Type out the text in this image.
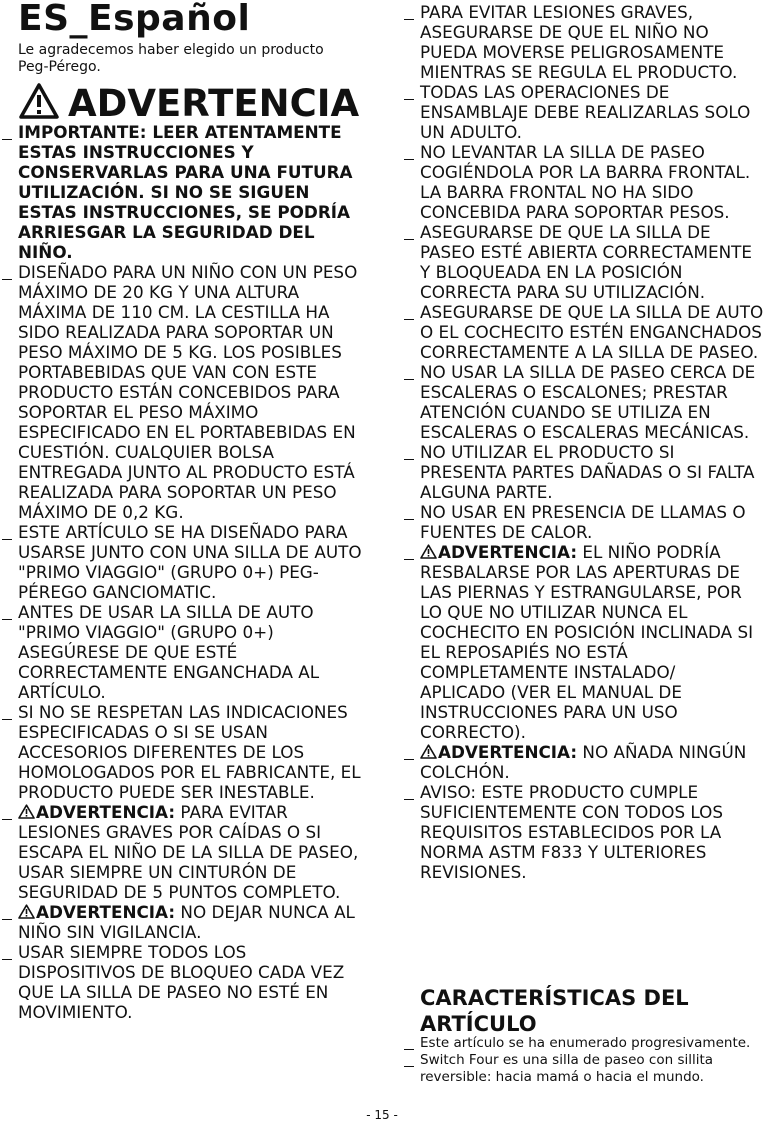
ES_Español
Le agradecemos haber elegido un producto Peg-Pérego.
ADVERTENCIA
IMPORTANTE: LEER ATENTAMENTE ESTAS INSTRUCCIONES Y CONSERVARLAS PARA UNA FUTURA UTILIZACIÓN. SI NO SE SIGUEN ESTAS INSTRUCCIONES, SE PODRÍA ARRIESGAR LA SEGURIDAD DEL NIÑO.
DISEÑADO PARA UN NIÑO CON UN PESO MÁXIMO DE 20 KG Y UNA ALTURA MÁXIMA DE 110 CM. LA CESTILLA HA SIDO REALIZADA PARA SOPORTAR UN PESO MÁXIMO DE 5 KG. LOS POSIBLES PORTABEBIDAS QUE VAN CON ESTE PRODUCTO ESTÁN CONCEBIDOS PARA SOPORTAR EL PESO MÁXIMO ESPECIFICADO EN EL PORTABEBIDAS EN CUESTIÓN. CUALQUIER BOLSA ENTREGADA JUNTO AL PRODUCTO ESTÁ REALIZADA PARA SOPORTAR UN PESO MÁXIMO DE 0,2 KG.
ESTE ARTÍCULO SE HA DISEÑADO PARA USARSE JUNTO CON UNA SILLA DE AUTO "PRIMO VIAGGIO" (GRUPO 0+) PEG-PÉREGO GANCIOMATIC.
ANTES DE USAR LA SILLA DE AUTO "PRIMO VIAGGIO" (GRUPO 0+) ASEGÚRESE DE QUE ESTÉ CORRECTAMENTE ENGANCHADA AL ARTÍCULO.
SI NO SE RESPETAN LAS INDICACIONES ESPECIFICADAS O SI SE USAN ACCESORIOS DIFERENTES DE LOS HOMOLOGADOS POR EL FABRICANTE, EL PRODUCTO PUEDE SER INESTABLE.
ADVERTENCIA: PARA EVITAR LESIONES GRAVES POR CAÍDAS O SI ESCAPA EL NIÑO DE LA SILLA DE PASEO, USAR SIEMPRE UN CINTURÓN DE SEGURIDAD DE 5 PUNTOS COMPLETO.
ADVERTENCIA: NO DEJAR NUNCA AL NIÑO SIN VIGILANCIA.
USAR SIEMPRE TODOS LOS DISPOSITIVOS DE BLOQUEO CADA VEZ QUE LA SILLA DE PASEO NO ESTÉ EN MOVIMIENTO.
PARA EVITAR LESIONES GRAVES, ASEGURARSE DE QUE EL NIÑO NO PUEDA MOVERSE PELIGROSAMENTE MIENTRAS SE REGULA EL PRODUCTO.
TODAS LAS OPERACIONES DE ENSAMBLAJE DEBE REALIZARLAS SOLO UN ADULTO.
NO LEVANTAR LA SILLA DE PASEO COGIÉNDOLA POR LA BARRA FRONTAL. LA BARRA FRONTAL NO HA SIDO CONCEBIDA PARA SOPORTAR PESOS.
ASEGURARSE DE QUE LA SILLA DE PASEO ESTÉ ABIERTA CORRECTAMENTE Y BLOQUEADA EN LA POSICIÓN CORRECTA PARA SU UTILIZACIÓN.
ASEGURARSE DE QUE LA SILLA DE AUTO O EL COCHECITO ESTÉN ENGANCHADOS CORRECTAMENTE A LA SILLA DE PASEO.
NO USAR LA SILLA DE PASEO CERCA DE ESCALERAS O ESCALONES; PRESTAR ATENCIÓN CUANDO SE UTILIZA EN ESCALERAS O ESCALERAS MECÁNICAS.
NO UTILIZAR EL PRODUCTO SI PRESENTA PARTES DAÑADAS O SI FALTA ALGUNA PARTE.
NO USAR EN PRESENCIA DE LLAMAS O FUENTES DE CALOR.
ADVERTENCIA: EL NIÑO PODRÍA RESBALARSE POR LAS APERTURAS DE LAS PIERNAS Y ESTRANGULARSE, POR LO QUE NO UTILIZAR NUNCA EL COCHECITO EN POSICIÓN INCLINADA SI EL REPOSAPIÉS NO ESTÁ COMPLETAMENTE INSTALADO/ APLICADO (VER EL MANUAL DE INSTRUCCIONES PARA UN USO CORRECTO).
ADVERTENCIA: NO AÑADA NINGÚN COLCHÓN.
AVISO: ESTE PRODUCTO CUMPLE SUFICIENTEMENTE CON TODOS LOS REQUISITOS ESTABLECIDOS POR LA NORMA ASTM F833 Y ULTERIORES REVISIONES.
CARACTERÍSTICAS DEL ARTÍCULO
Este artículo se ha enumerado progresivamente.
Switch Four es una silla de paseo con sillita reversible: hacia mamá o hacia el mundo.
- 15 -
